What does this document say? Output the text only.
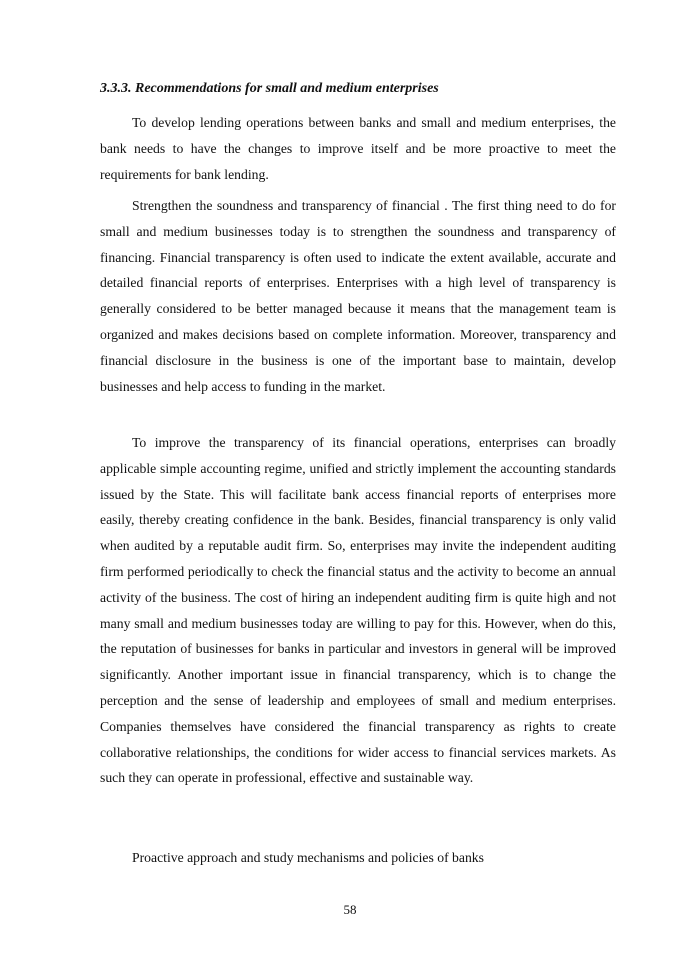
3.3.3. Recommendations for small and medium enterprises

To develop lending operations between banks and small and medium enterprises, the bank needs to have the changes to improve itself and be more proactive to meet the requirements for bank lending.

Strengthen the soundness and transparency of financial . The first thing need to do for small and medium businesses today is to strengthen the soundness and transparency of financing. Financial transparency is often used to indicate the extent available, accurate and detailed financial reports of enterprises. Enterprises with a high level of transparency is generally considered to be better managed because it means that the management team is organized and makes decisions based on complete information. Moreover, transparency and financial disclosure in the business is one of the important base to maintain, develop businesses and help access to funding in the market.

To improve the transparency of its financial operations, enterprises can broadly applicable simple accounting regime, unified and strictly implement the accounting standards issued by the State. This will facilitate bank access financial reports of enterprises more easily, thereby creating confidence in the bank. Besides, financial transparency is only valid when audited by a reputable audit firm. So, enterprises may invite the independent auditing firm performed periodically to check the financial status and the activity to become an annual activity of the business. The cost of hiring an independent auditing firm is quite high and not many small and medium businesses today are willing to pay for this. However, when do this, the reputation of businesses for banks in particular and investors in general will be improved significantly. Another important issue in financial transparency, which is to change the perception and the sense of leadership and employees of small and medium enterprises. Companies themselves have considered the financial transparency as rights to create collaborative relationships, the conditions for wider access to financial services markets. As such they can operate in professional, effective and sustainable way.

Proactive approach and study mechanisms and policies of banks

58
